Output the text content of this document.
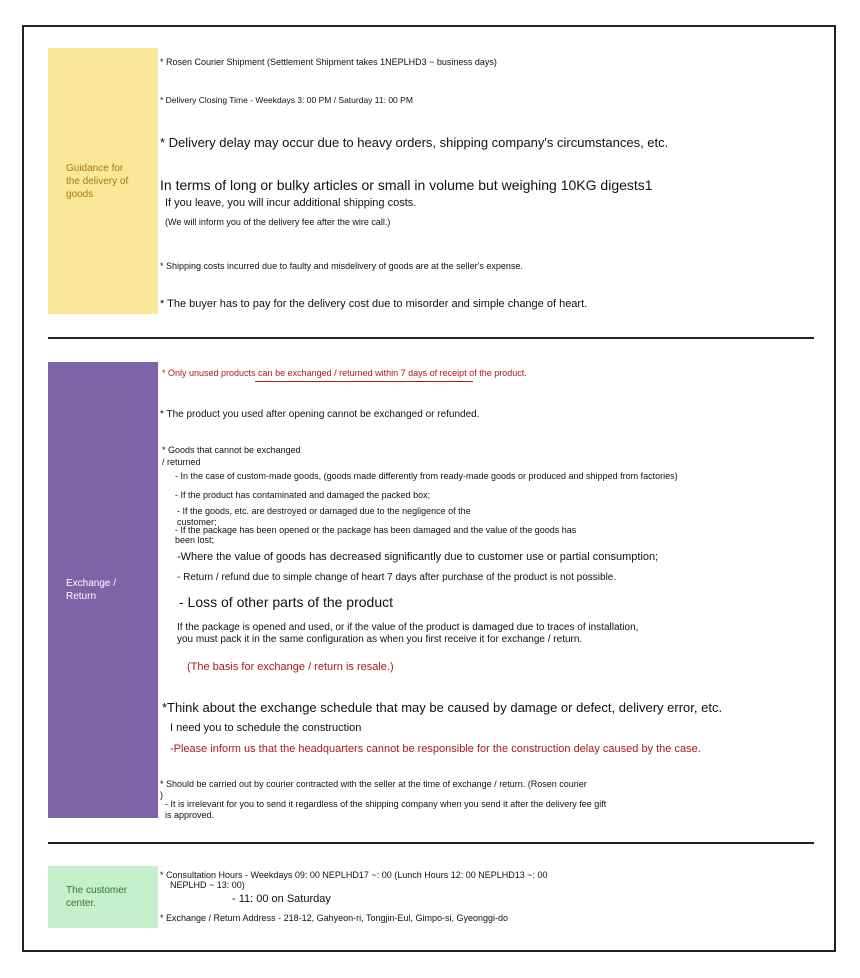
Guidance for the delivery of goods
* Rosen Courier Shipment (Settlement Shipment takes 1NEPLHD3 ~ business days)
* Delivery Closing Time - Weekdays 3: 00 PM / Saturday 11: 00 PM
* Delivery delay may occur due to heavy orders, shipping company's circumstances, etc.
In terms of long or bulky articles or small in volume but weighing 10KG digests1
If you leave, you will incur additional shipping costs.
(We will inform you of the delivery fee after the wire call.)
* Shipping costs incurred due to faulty and misdelivery of goods are at the seller's expense.
* The buyer has to pay for the delivery cost due to misorder and simple change of heart.
Exchange / Return
* Only unused products can be exchanged / returned within 7 days of receipt of the product.
* The product you used after opening cannot be exchanged or refunded.
* Goods that cannot be exchanged
/ returned
- In the case of custom-made goods, (goods made differently from ready-made goods or produced and shipped from factories)
- If the product has contaminated and damaged the packed box;
- If the goods, etc. are destroyed or damaged due to the negligence of the
customer;
- If the package has been opened or the package has been damaged and the value of the goods has
been lost;
-Where the value of goods has decreased significantly due to customer use or partial consumption;
- Return / refund due to simple change of heart 7 days after purchase of the product is not possible.
- Loss of other parts of the product
If the package is opened and used, or if the value of the product is damaged due to traces of installation,
you must pack it in the same configuration as when you first receive it for exchange / return.
(The basis for exchange / return is resale.)
*Think about the exchange schedule that may be caused by damage or defect, delivery error, etc.
I need you to schedule the construction
-Please inform us that the headquarters cannot be responsible for the construction delay caused by the case.
* Should be carried out by courier contracted with the seller at the time of exchange / return. (Rosen courier
)
- It is irrelevant for you to send it regardless of the shipping company when you send it after the delivery fee gift
is approved.
The customer center.
* Consultation Hours - Weekdays 09: 00 NEPLHD17 ~: 00 (Lunch Hours 12: 00 NEPLHD13 ~: 00
NEPLHD ~ 13: 00)
- 11: 00 on Saturday
* Exchange / Return Address - 218-12, Gahyeon-ri, Tongjin-Eul, Gimpo-si, Gyeonggi-do
